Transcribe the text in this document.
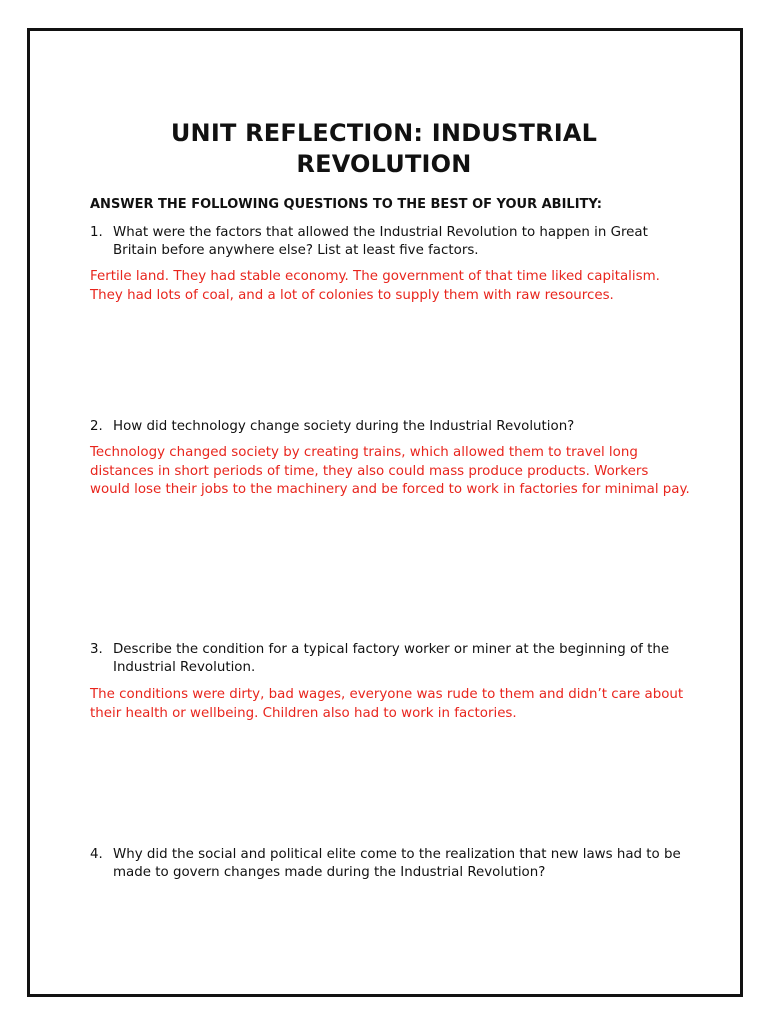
UNIT REFLECTION: INDUSTRIAL
REVOLUTION

ANSWER THE FOLLOWING QUESTIONS TO THE BEST OF YOUR ABILITY:

1. What were the factors that allowed the Industrial Revolution to happen in Great Britain before anywhere else? List at least five factors.

Fertile land. They had stable economy. The government of that time liked capitalism. They had lots of coal, and a lot of colonies to supply them with raw resources.

2. How did technology change society during the Industrial Revolution?

Technology changed society by creating trains, which allowed them to travel long distances in short periods of time, they also could mass produce products. Workers would lose their jobs to the machinery and be forced to work in factories for minimal pay.

3. Describe the condition for a typical factory worker or miner at the beginning of the Industrial Revolution.

The conditions were dirty, bad wages, everyone was rude to them and didn’t care about their health or wellbeing. Children also had to work in factories.

4. Why did the social and political elite come to the realization that new laws had to be made to govern changes made during the Industrial Revolution?
